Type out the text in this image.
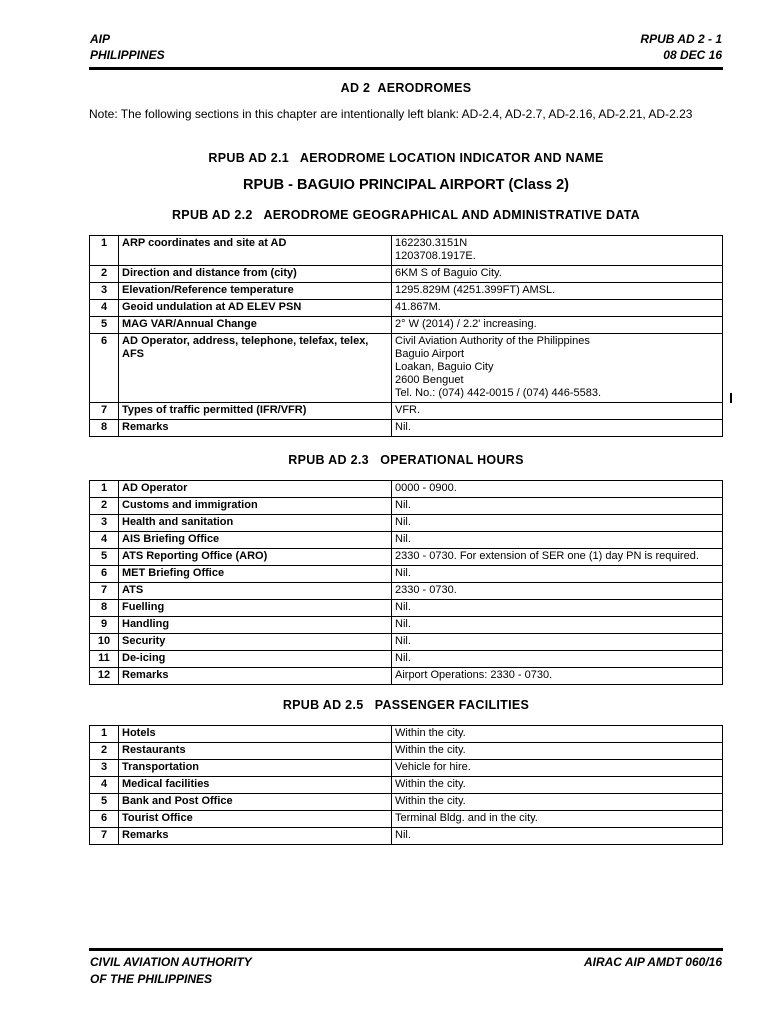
AIP
PHILIPPINES
RPUB AD 2 - 1
08 DEC 16
AD 2  AERODROMES
Note: The following sections in this chapter are intentionally left blank: AD-2.4, AD-2.7, AD-2.16, AD-2.21, AD-2.23
RPUB AD 2.1   AERODROME LOCATION INDICATOR AND NAME
RPUB - BAGUIO PRINCIPAL AIRPORT (Class 2)
RPUB AD 2.2   AERODROME GEOGRAPHICAL AND ADMINISTRATIVE DATA
1	ARP coordinates and site at AD	162230.3151N
1203708.1917E.
2	Direction and distance from (city)	6KM S of Baguio City.
3	Elevation/Reference temperature	1295.829M (4251.399FT) AMSL.
4	Geoid undulation at AD ELEV PSN	41.867M.
5	MAG VAR/Annual Change	2° W (2014) / 2.2' increasing.
6	AD Operator, address, telephone, telefax, telex, AFS	Civil Aviation Authority of the Philippines
Baguio Airport
Loakan, Baguio City
2600 Benguet
Tel. No.: (074) 442-0015 / (074) 446-5583.
7	Types of traffic permitted (IFR/VFR)	VFR.
8	Remarks	Nil.
RPUB AD 2.3   OPERATIONAL HOURS
1	AD Operator	0000 - 0900.
2	Customs and immigration	Nil.
3	Health and sanitation	Nil.
4	AIS Briefing Office	Nil.
5	ATS Reporting Office (ARO)	2330 - 0730. For extension of SER one (1) day PN is required.
6	MET Briefing Office	Nil.
7	ATS	2330 - 0730.
8	Fuelling	Nil.
9	Handling	Nil.
10	Security	Nil.
11	De-icing	Nil.
12	Remarks	Airport Operations: 2330 - 0730.
RPUB AD 2.5   PASSENGER FACILITIES
1	Hotels	Within the city.
2	Restaurants	Within the city.
3	Transportation	Vehicle for hire.
4	Medical facilities	Within the city.
5	Bank and Post Office	Within the city.
6	Tourist Office	Terminal Bldg. and in the city.
7	Remarks	Nil.
CIVIL AVIATION AUTHORITY
OF THE PHILIPPINES
AIRAC AIP AMDT 060/16
